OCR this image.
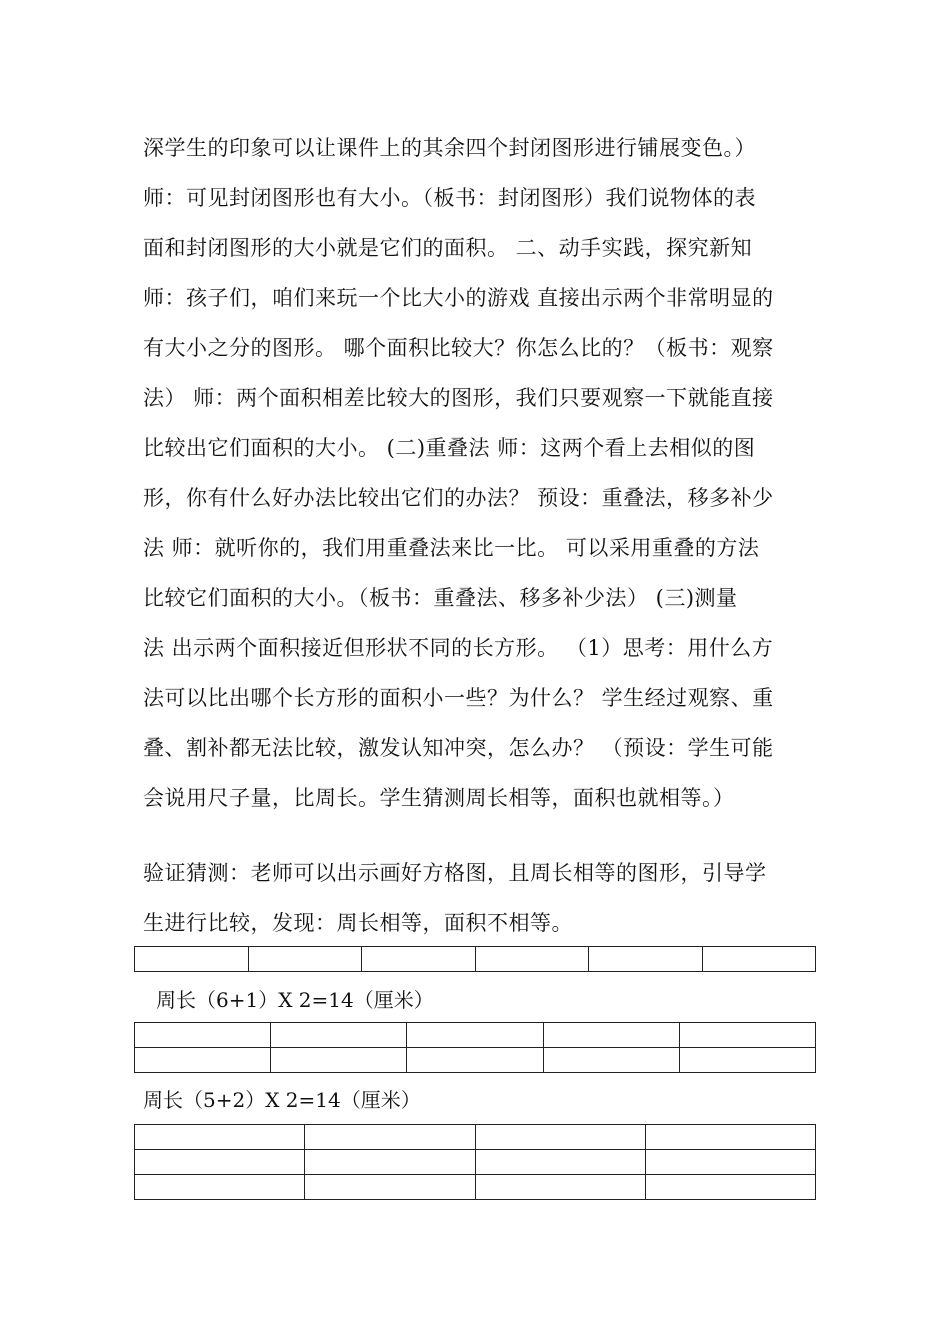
深学生的印象可以让课件上的其余四个封闭图形进行铺展变色。）
师：可见封闭图形也有大小。（板书：封闭图形）我们说物体的表
面和封闭图形的大小就是它们的面积。 二、动手实践，探究新知
师：孩子们，咱们来玩一个比大小的游戏 直接出示两个非常明显的
有大小之分的图形。 哪个面积比较大？你怎么比的？（板书：观察
法） 师：两个面积相差比较大的图形，我们只要观察一下就能直接
比较出它们面积的大小。 (二)重叠法 师：这两个看上去相似的图
形，你有什么好办法比较出它们的办法？ 预设：重叠法，移多补少
法 师：就听你的，我们用重叠法来比一比。 可以采用重叠的方法
比较它们面积的大小。（板书：重叠法、移多补少法） (三)测量
法 出示两个面积接近但形状不同的长方形。 （1）思考：用什么方
法可以比出哪个长方形的面积小一些？为什么？ 学生经过观察、重
叠、割补都无法比较，激发认知冲突，怎么办？ （预设：学生可能
会说用尺子量，比周长。学生猜测周长相等，面积也就相等。）
验证猜测：老师可以出示画好方格图，且周长相等的图形，引导学
生进行比较，发现：周长相等，面积不相等。

周长（6+1）X 2=14（厘米）

周长（5+2）X 2=14（厘米）
